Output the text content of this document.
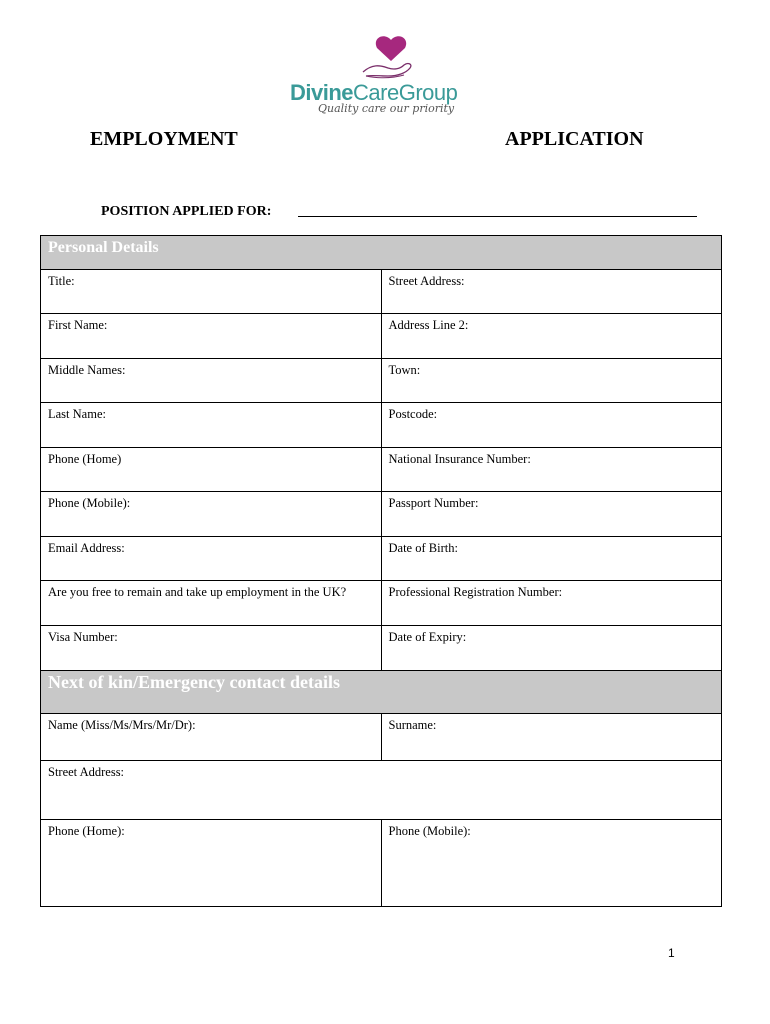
DivineCareGroup
Quality care our priority
EMPLOYMENT	APPLICATION
POSITION APPLIED FOR:
Personal Details	
Title:	Street Address:
First Name:	Address Line 2:
Middle Names:	Town:
Last Name:	Postcode:
Phone (Home)	National Insurance Number:
Phone (Mobile):	Passport Number:
Email Address:	Date of Birth:
Are you free to remain and take up employment in the UK?	Professional Registration Number:
Visa Number:	Date of Expiry:
Next of kin/Emergency contact details	
Name (Miss/Ms/Mrs/Mr/Dr):	Surname:
Street Address:	
Phone (Home):	Phone (Mobile):
1
